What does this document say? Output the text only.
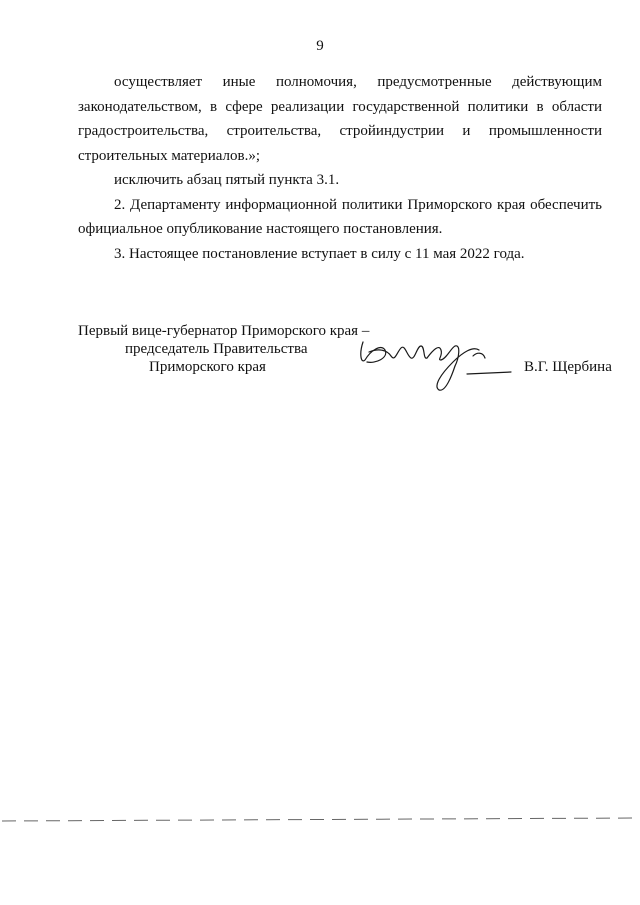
9

осуществляет иные полномочия, предусмотренные действующим законодательством, в сфере реализации государственной политики в области градостроительства, строительства, стройиндустрии и промышленности строительных материалов.»;

исключить абзац пятый пункта 3.1.

2. Департаменту информационной политики Приморского края обеспечить официальное опубликование настоящего постановления.

3. Настоящее постановление вступает в силу с 11 мая 2022 года.

Первый вице-губернатор Приморского края –
председатель Правительства
Приморского края	В.Г. Щербина
